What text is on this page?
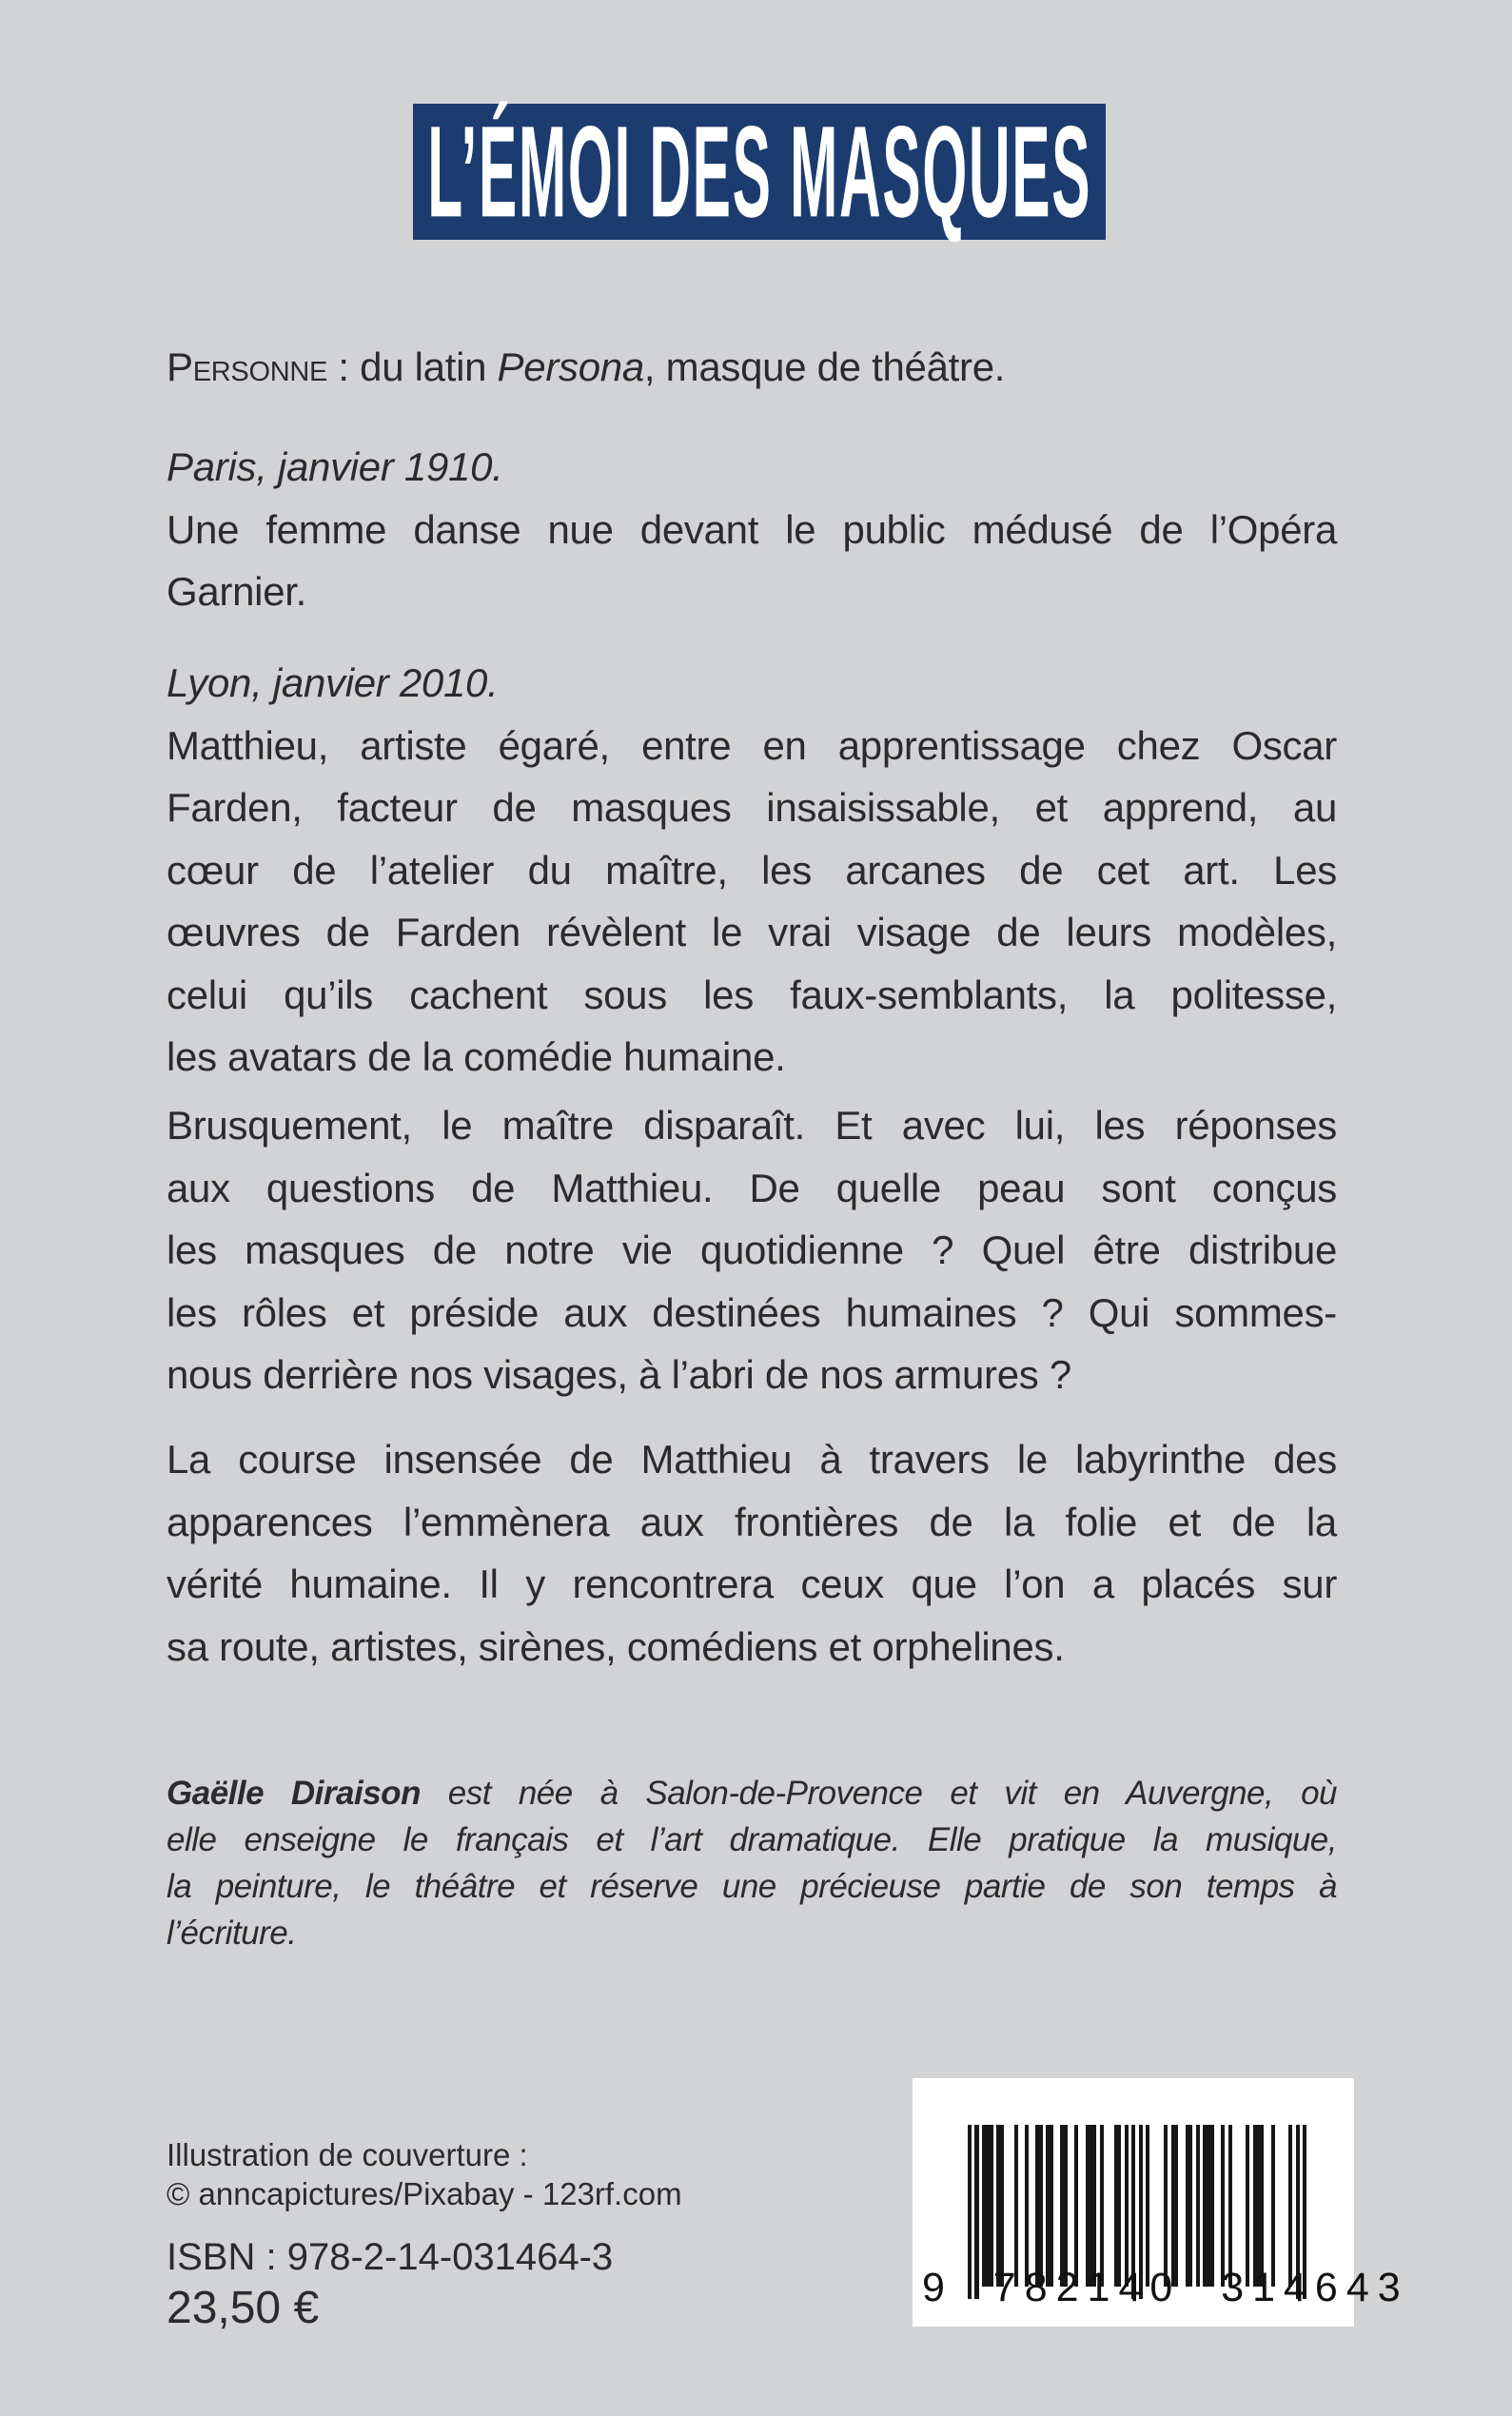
L’ÉMOI DES MASQUES
Personne : du latin Persona, masque de théâtre.
Paris, janvier 1910.
Une femme danse nue devant le public médusé de l’Opéra
Garnier.
Lyon, janvier 2010.
Matthieu, artiste égaré, entre en apprentissage chez Oscar
Farden, facteur de masques insaisissable, et apprend, au
cœur de l’atelier du maître, les arcanes de cet art. Les
œuvres de Farden révèlent le vrai visage de leurs modèles,
celui qu’ils cachent sous les faux-semblants, la politesse,
les avatars de la comédie humaine.
Brusquement, le maître disparaît. Et avec lui, les réponses
aux questions de Matthieu. De quelle peau sont conçus
les masques de notre vie quotidienne ? Quel être distribue
les rôles et préside aux destinées humaines ? Qui sommes-
nous derrière nos visages, à l’abri de nos armures ?
La course insensée de Matthieu à travers le labyrinthe des
apparences l’emmènera aux frontières de la folie et de la
vérité humaine. Il y rencontrera ceux que l’on a placés sur
sa route, artistes, sirènes, comédiens et orphelines.
Gaëlle Diraison est née à Salon-de-Provence et vit en Auvergne, où
elle enseigne le français et l’art dramatique. Elle pratique la musique,
la peinture, le théâtre et réserve une précieuse partie de son temps à
l’écriture.
Illustration de couverture :
© anncapictures/Pixabay - 123rf.com
ISBN : 978-2-14-031464-3
23,50 €	9  782140  314643
